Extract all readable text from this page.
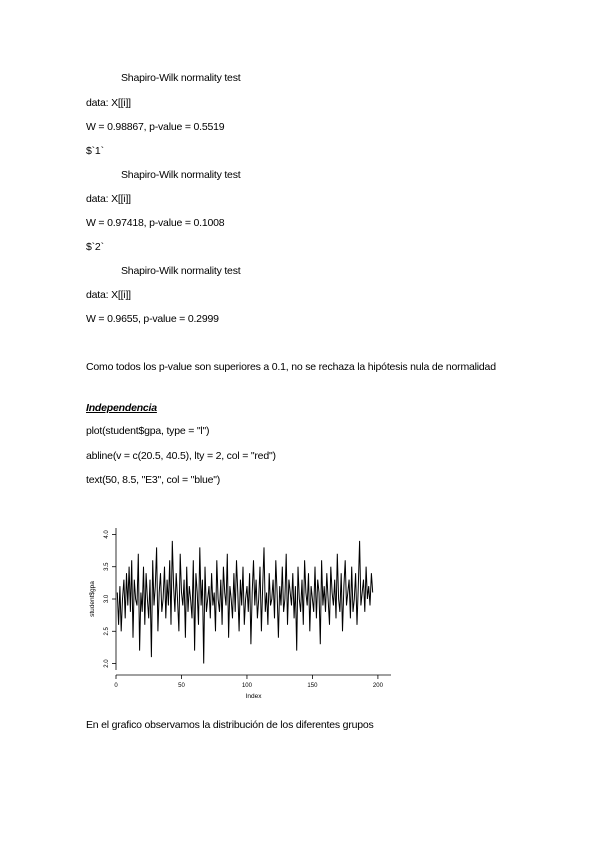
Shapiro-Wilk normality test
data: X[[i]]
W = 0.98867, p-value = 0.5519
$`1`
Shapiro-Wilk normality test
data: X[[i]]
W = 0.97418, p-value = 0.1008
$`2`
Shapiro-Wilk normality test
data: X[[i]]
W = 0.9655, p-value = 0.2999
Como todos los p-value son superiores a 0.1, no se rechaza la hipótesis nula de normalidad
Independencia
plot(student$gpa, type = "l")
abline(v = c(20.5, 40.5), lty = 2, col = "red")
text(50, 8.5, "E3", col = "blue")
2.0
2.5
3.0
3.5
4.0
0	50	100	150	200
Index
student$gpa
En el grafico observamos la distribución de los diferentes grupos
